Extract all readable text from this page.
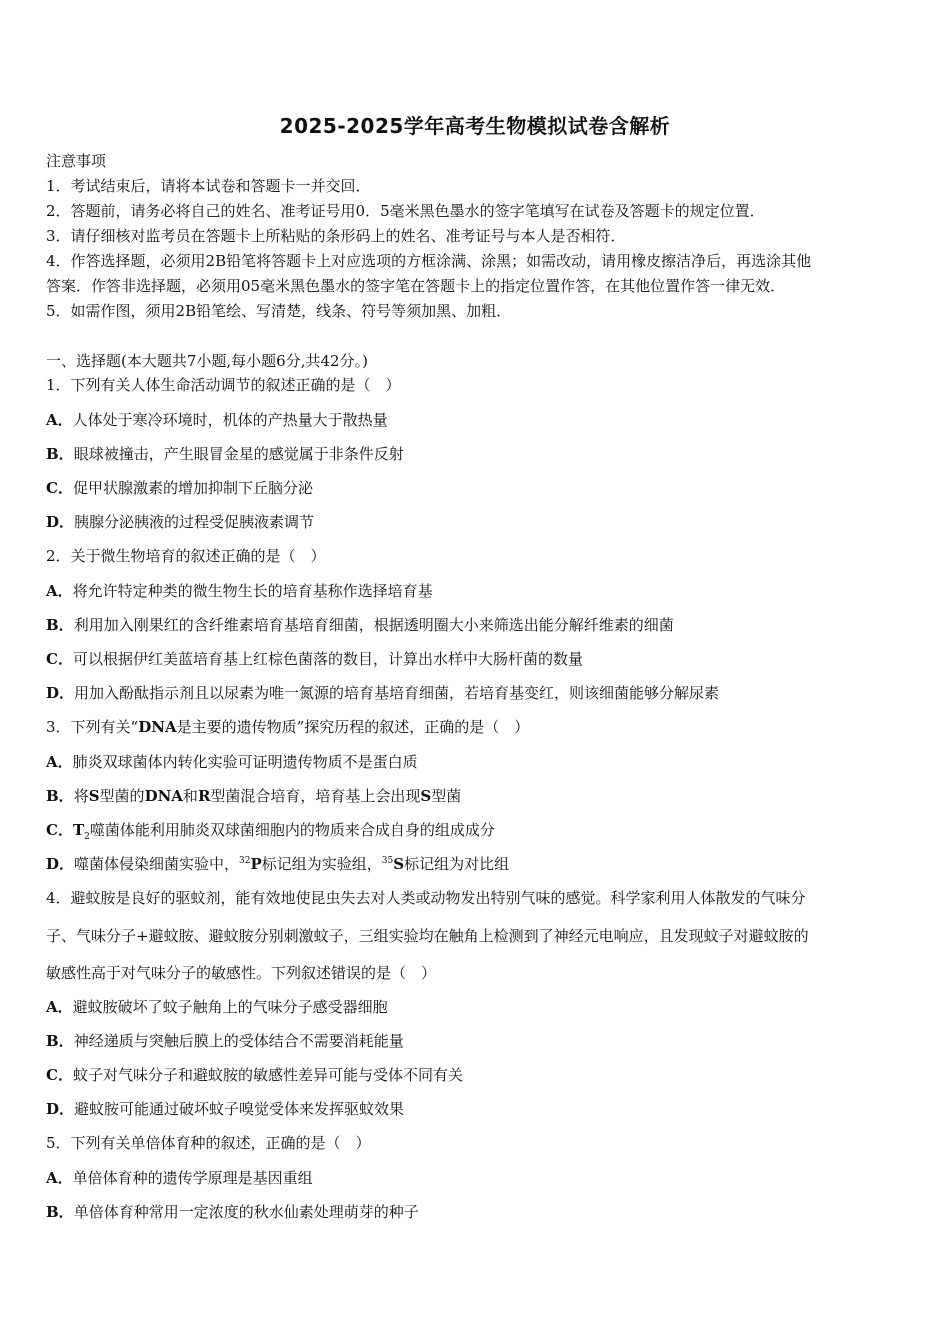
2025-2025学年高考生物模拟试卷含解析
注意事项
1．考试结束后，请将本试卷和答题卡一并交回．
2．答题前，请务必将自己的姓名、准考证号用0．5毫米黑色墨水的签字笔填写在试卷及答题卡的规定位置．
3．请仔细核对监考员在答题卡上所粘贴的条形码上的姓名、准考证号与本人是否相符．
4．作答选择题，必须用2B铅笔将答题卡上对应选项的方框涂满、涂黑；如需改动，请用橡皮擦洁净后，再选涂其他
答案．作答非选择题，必须用05毫米黑色墨水的签字笔在答题卡上的指定位置作答，在其他位置作答一律无效．
5．如需作图，须用2B铅笔绘、写清楚，线条、符号等须加黑、加粗．
一、选择题(本大题共7小题,每小题6分,共42分。)
1．下列有关人体生命活动调节的叙述正确的是（　）
A．人体处于寒冷环境时，机体的产热量大于散热量
B．眼球被撞击，产生眼冒金星的感觉属于非条件反射
C．促甲状腺激素的增加抑制下丘脑分泌
D．胰腺分泌胰液的过程受促胰液素调节
2．关于微生物培育的叙述正确的是（　）
A．将允许特定种类的微生物生长的培育基称作选择培育基
B．利用加入刚果红的含纤维素培育基培育细菌，根据透明圈大小来筛选出能分解纤维素的细菌
C．可以根据伊红美蓝培育基上红棕色菌落的数目，计算出水样中大肠杆菌的数量
D．用加入酚酞指示剂且以尿素为唯一氮源的培育基培育细菌，若培育基变红，则该细菌能够分解尿素
3．下列有关“DNA是主要的遗传物质”探究历程的叙述，正确的是（　）
A．肺炎双球菌体内转化实验可证明遗传物质不是蛋白质
B．将S型菌的DNA和R型菌混合培育，培育基上会出现S型菌
C．$T_2$噬菌体能利用肺炎双球菌细胞内的物质来合成自身的组成成分
D．噬菌体侵染细菌实验中，$^{32}$P标记组为实验组，$^{35}$S标记组为对比组
4．避蚊胺是良好的驱蚊剂，能有效地使昆虫失去对人类或动物发出特别气味的感觉。科学家利用人体散发的气味分
子、气味分子+避蚊胺、避蚊胺分别刺激蚊子，三组实验均在触角上检测到了神经元电响应，且发现蚊子对避蚊胺的
敏感性高于对气味分子的敏感性。下列叙述错误的是（　）
A．避蚊胺破坏了蚊子触角上的气味分子感受器细胞
B．神经递质与突触后膜上的受体结合不需要消耗能量
C．蚊子对气味分子和避蚊胺的敏感性差异可能与受体不同有关
D．避蚊胺可能通过破坏蚊子嗅觉受体来发挥驱蚊效果
5．下列有关单倍体育种的叙述，正确的是（　）
A．单倍体育种的遗传学原理是基因重组
B．单倍体育种常用一定浓度的秋水仙素处理萌芽的种子
